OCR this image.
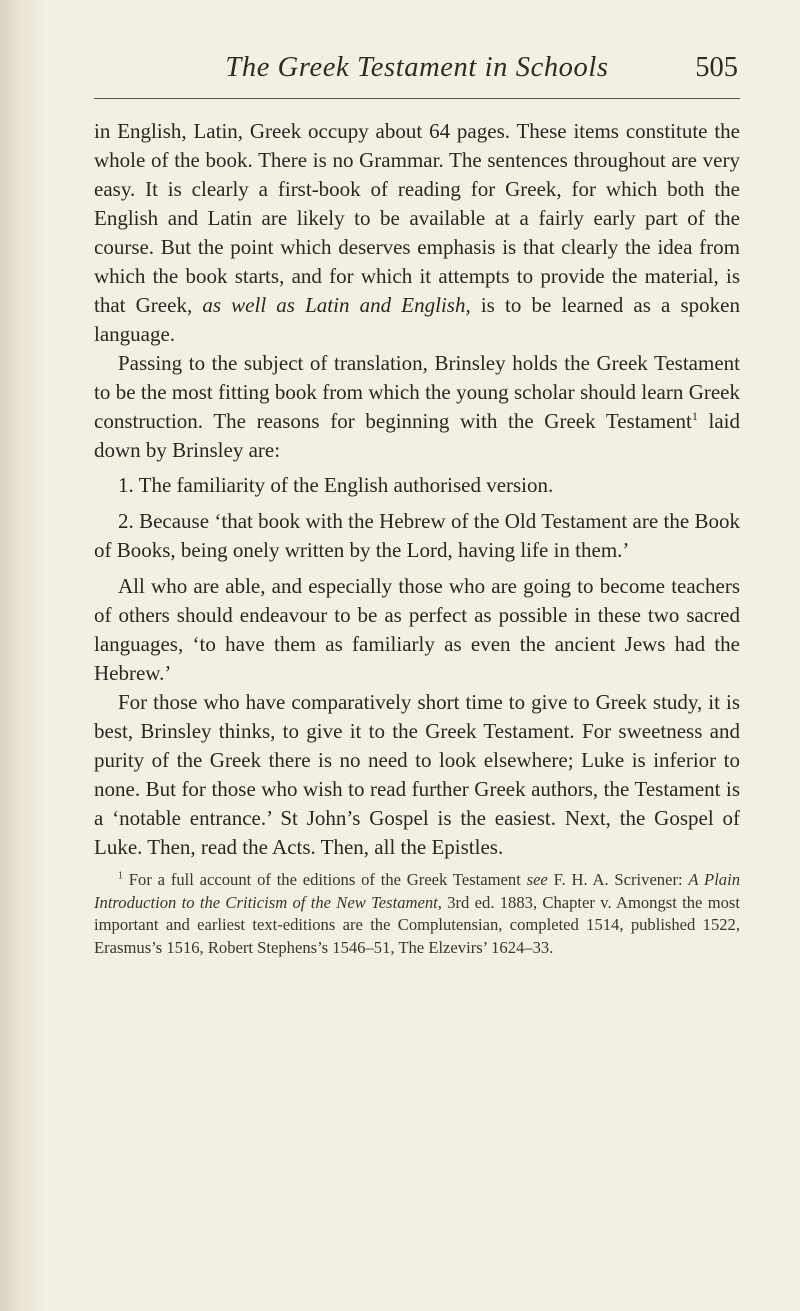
The Greek Testament in Schools	505

in English, Latin, Greek occupy about 64 pages. These items constitute the whole of the book. There is no Grammar. The sentences throughout are very easy. It is clearly a first-book of reading for Greek, for which both the English and Latin are likely to be available at a fairly early part of the course. But the point which deserves emphasis is that clearly the idea from which the book starts, and for which it attempts to provide the material, is that Greek, as well as Latin and English, is to be learned as a spoken language.

Passing to the subject of translation, Brinsley holds the Greek Testament to be the most fitting book from which the young scholar should learn Greek construction. The reasons for beginning with the Greek Testament$^1$ laid down by Brinsley are:

1. The familiarity of the English authorised version.

2. Because ‘that book with the Hebrew of the Old Testament are the Book of Books, being onely written by the Lord, having life in them.’

All who are able, and especially those who are going to become teachers of others should endeavour to be as perfect as possible in these two sacred languages, ‘to have them as familiarly as even the ancient Jews had the Hebrew.’

For those who have comparatively short time to give to Greek study, it is best, Brinsley thinks, to give it to the Greek Testament. For sweetness and purity of the Greek there is no need to look elsewhere; Luke is inferior to none. But for those who wish to read further Greek authors, the Testament is a ‘notable entrance.’ St John’s Gospel is the easiest. Next, the Gospel of Luke. Then, read the Acts. Then, all the Epistles.

$^1$ For a full account of the editions of the Greek Testament see F. H. A. Scrivener: A Plain Introduction to the Criticism of the New Testament, 3rd ed. 1883, Chapter v. Amongst the most important and earliest text-editions are the Complutensian, completed 1514, published 1522, Erasmus’s 1516, Robert Stephens’s 1546–51, The Elzevirs’ 1624–33.
